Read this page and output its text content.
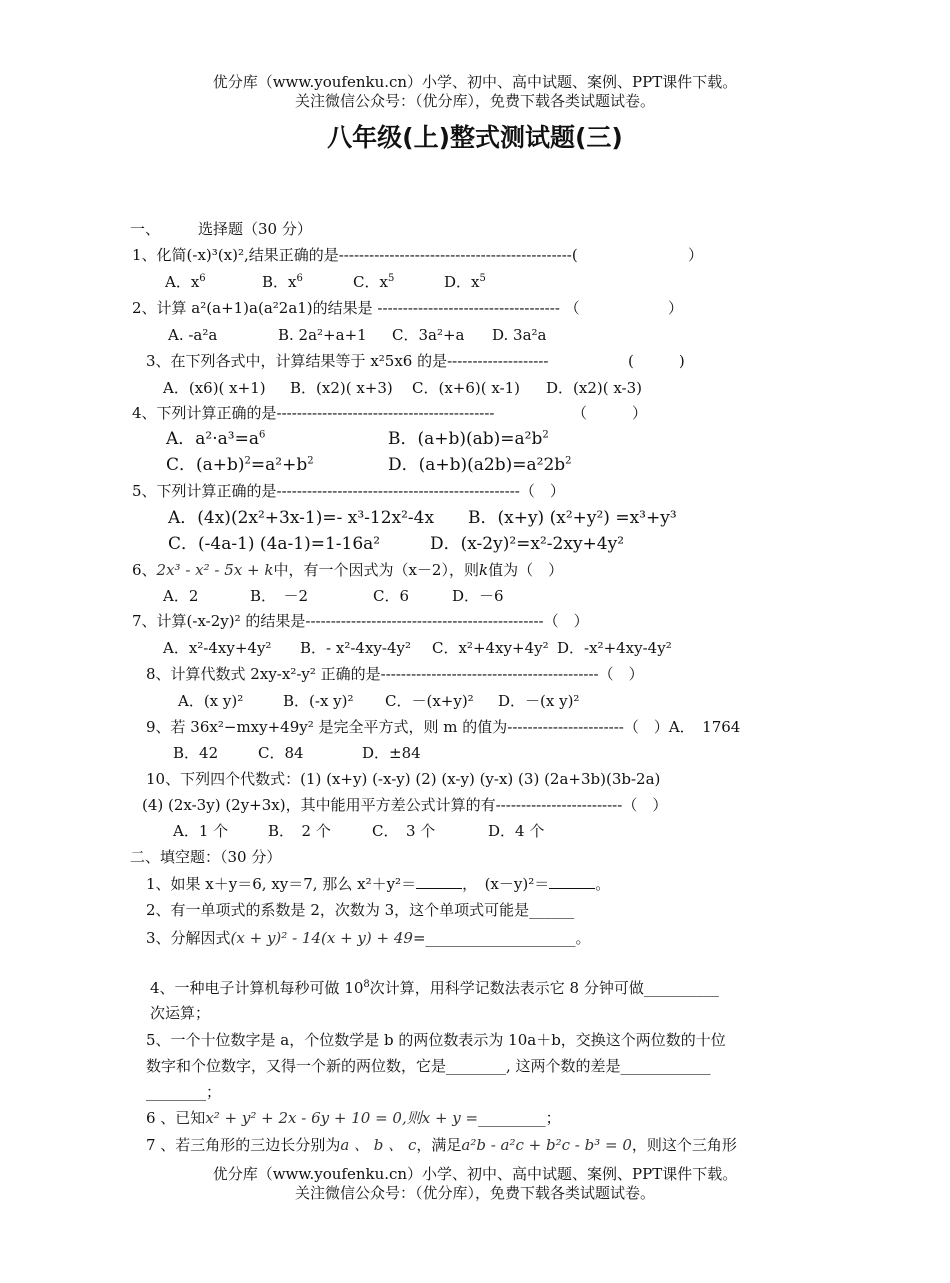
优分库（www.youfenku.cn）小学、初中、高中试题、案例、PPT课件下载。
关注微信公众号：（优分库），免费下载各类试题试卷。
八年级(上)整式测试题(三)
一、	选择题（30 分）
1、化简(-x)³(x)²,结果正确的是----------------------------------------------(	）
A．$x^6$	B．$x^6$	C．$x^5$	D．$x^5$
2、计算 a²(a+1)a(a²2a1)的结果是 ------------------------------------ （	）
A. -a²a	B. 2a²+a+1 C．3a²+a D. 3a²a
3、在下列各式中，计算结果等于 x²5x6 的是--------------------	(　　　)
A．(x6)( x+1) B．(x2)( x+3) C．(x+6)( x-1) D．(x2)( x-3)
4、下列计算正确的是-------------------------------------------	（　　　）
A．$a^2\cdot a^3=a^6$	B．$(a+b)(ab)=a^2b^2$
C．$(a+b)^2=a^2+b^2$	D．$(a+b)(a2b)=a^22b^2$
5、下列计算正确的是------------------------------------------------（　）
A．(4x)(2x²+3x-1)=- x³-12x²-4x B．(x+y) (x²+y²) =x³+y³
C．(-4a-1) (4a-1)=1-16a²	D．(x-2y)²=x²-2xy+4y²
6、2x³ - x² - 5x + k中，有一个因式为（x－2），则k值为（　）
A．2	B．　－2	C．6	D．－6
7、计算(-x-2y)² 的结果是-----------------------------------------------（　）
A．x²-4xy+4y² B．- x²-4xy-4y² C．x²+4xy+4y² D．-x²+4xy-4y²
8、计算代数式 2xy-x²-y² 正确的是-------------------------------------------（　）
A．(x y)²	B．(-x y)² C．－(x+y)² D．－(x y)²
9、若 36x²−mxy+49y² 是完全平方式，则 m 的值为-----------------------（　）A．　1764
B．42	C．84	D．±84
10、下列四个代数式：(1) (x+y) (-x-y) (2) (x-y) (y-x) (3) (2a+3b)(3b-2a)
(4) (2x-3y) (2y+3x)，其中能用平方差公式计算的有-------------------------（　）
A．1 个	B．　2 个	C．　3 个	D．4 个
二、填空题：（30 分）
1、如果 x＋y＝6, xy＝7, 那么 x²＋y²＝	，　(x－y)²＝	。
2、有一单项式的系数是 2，次数为 3，这个单项式可能是______
3、分解因式(x + y)² - 14(x + y) + 49=____________________。
4、一种电子计算机每秒可做 $10^8$次计算，用科学记数法表示它 8 分钟可做__________
次运算；
5、一个十位数字是 a，个位数学是 b 的两位数表示为 10a＋b，交换这个两位数的十位
数字和个位数字，又得一个新的两位数，它是________, 这两个数的差是____________
________；
6 、已知x² + y² + 2x - 6y + 10 = 0,则x + y =_________；
7 、若三角形的三边长分别为a 、 b 、 c，满足a²b - a²c + b²c - b³ = 0，则这个三角形
优分库（www.youfenku.cn）小学、初中、高中试题、案例、PPT课件下载。
关注微信公众号：（优分库），免费下载各类试题试卷。
